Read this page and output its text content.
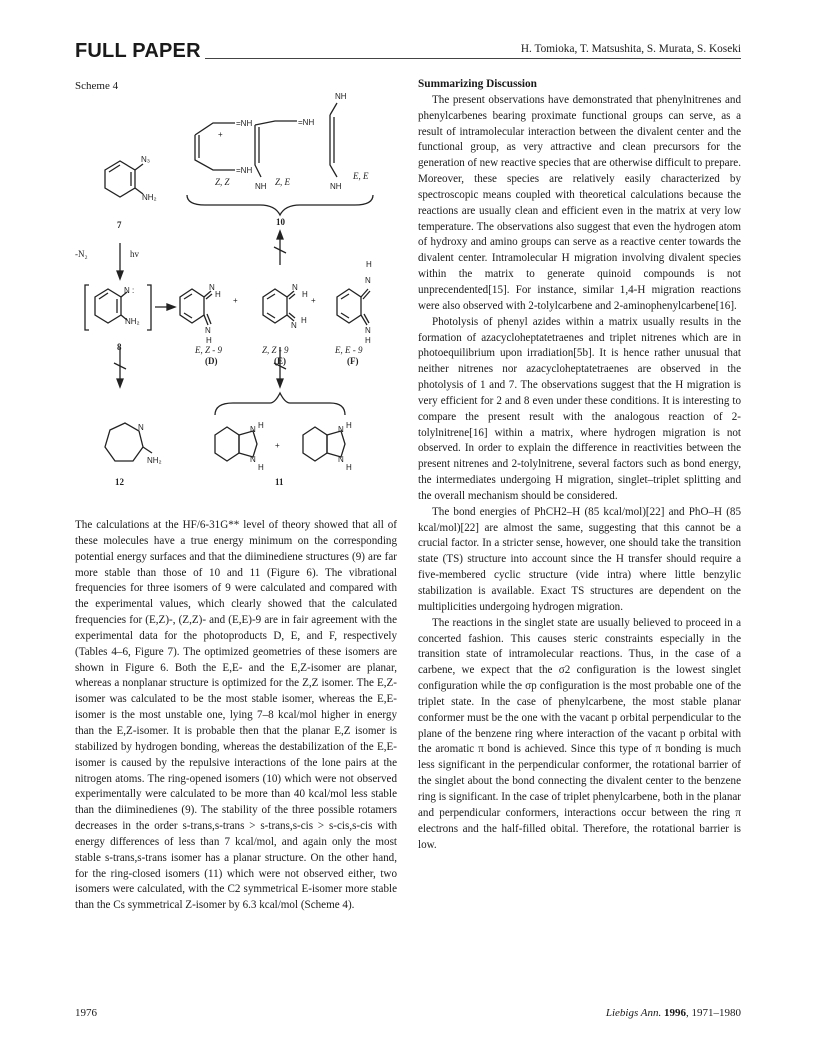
FULL PAPER	H. Tomioka, T. Matsushita, S. Murata, S. Koseki
Scheme 4
N₃
NH₂
N :
NH₂
N
H
N
H
N
H
N
H
H
N
N
H
=NH
=NH
=NH
NH
NH
NH
N H
N
H
N H
N
H
N
NH₂
+
+	+
+
-N₂	hv
Z, Z	Z, E
E, E
E, Z - 9	Z, Z - 9	E, E - 9
(D)	(E)	(F)
7
8
10
12	11

The calculations at the HF/6-31G** level of theory showed that all of these molecules have a true energy minimum on the corresponding potential energy surfaces and that the diiminediene structures (9) are far more stable than those of 10 and 11 (Figure 6). The vibrational frequencies for three isomers of 9 were calculated and compared with the experimental values, which clearly showed that the calculated frequencies for (E,Z)-, (Z,Z)- and (E,E)-9 are in fair agreement with the experimental data for the photoproducts D, E, and F, respectively (Tables 4–6, Figure 7). The optimized geometries of these isomers are shown in Figure 6. Both the E,E- and the E,Z-isomer are planar, whereas a nonplanar structure is optimized for the Z,Z isomer. The E,Z-isomer was calculated to be the most stable isomer, whereas the E,E-isomer is the most unstable one, lying 7–8 kcal/mol higher in energy than the E,Z-isomer. It is probable then that the planar E,Z isomer is stabilized by hydrogen bonding, whereas the destabilization of the E,E-isomer is caused by the repulsive interactions of the lone pairs at the nitrogen atoms. The ring-opened isomers (10) which were not observed experimentally were calculated to be more than 40 kcal/mol less stable than the diiminedienes (9). The stability of the three possible rotamers decreases in the order s-trans,s-trans > s-trans,s-cis > s-cis,s-cis with energy differences of less than 7 kcal/mol, and again only the most stable s-trans,s-trans isomer has a planar structure. On the other hand, for the ring-closed isomers (11) which were not observed either, two isomers were calculated, with the C2 symmetrical E-isomer more stable than the Cs symmetrical Z-isomer by 6.3 kcal/mol (Scheme 4).

Summarizing Discussion

The present observations have demonstrated that phenylnitrenes and phenylcarbenes bearing proximate functional groups can serve, as a result of intramolecular interaction between the divalent center and the functional group, as very attractive and clean precursors for the generation of new reactive species that are otherwise difficult to prepare. Moreover, these species are relatively easily characterized by spectroscopic means coupled with theoretical calculations because the reactions are usually clean and efficient even in the matrix at very low temperature. The observations also suggest that even the hydrogen atom of hydroxy and amino groups can serve as a reactive center towards the divalent center. Intramolecular H migration involving divalent species within the matrix to generate quinoid compounds is not unprecendented[15]. For instance, similar 1,4-H migration reactions were also observed with 2-tolylcarbene and 2-aminophenylcarbene[16].

Photolysis of phenyl azides within a matrix usually results in the formation of azacycloheptatetraenes and triplet nitrenes which are in photoequilibrium upon irradiation[5b]. It is hence rather unusual that neither nitrenes nor azacycloheptatetraenes are observed in the photolysis of 1 and 7. The observations suggest that the H migration is very efficient for 2 and 8 even under these conditions. It is interesting to compare the present result with the analogous reaction of 2-tolylnitrene[16] within a matrix, where hydrogen migration is not observed. In order to explain the difference in reactivities between the present nitrenes and 2-tolylnitrene, several factors such as bond energy, the intermediates undergoing H migration, singlet–triplet splitting and the overall mechanism should be considered.

The bond energies of PhCH2–H (85 kcal/mol)[22] and PhO–H (85 kcal/mol)[22] are almost the same, suggesting that this cannot be a crucial factor. In a stricter sense, however, one should take the transition state (TS) structure into account since the H transfer should require a five-membered cyclic structure (vide intra) where little benzylic stabilization is available. Exact TS structures are dependent on the multiplicities undergoing hydrogen migration.

The reactions in the singlet state are usually believed to proceed in a concerted fashion. This causes steric constraints especially in the transition state of intramolecular reactions. Thus, in the case of a carbene, we expect that the σ2 configuration is the lowest singlet configuration while the σp configuration is the most probable one of the triplet state. In the case of phenylcarbene, the most stable planar conformer must be the one with the vacant p orbital perpendicular to the plane of the benzene ring where interaction of the vacant p orbital with the aromatic π bond is achieved. Since this type of π bonding is much less significant in the perpendicular conformer, the rotational barrier of the singlet about the bond connecting the divalent center to the benzene ring is significant. In the case of triplet phenylcarbene, both in the planar and perpendicular conformers, interactions occur between the ring π electrons and the half-filled obital. Therefore, the rotational barrier is low.

1976	Liebigs Ann. 1996, 1971–1980
